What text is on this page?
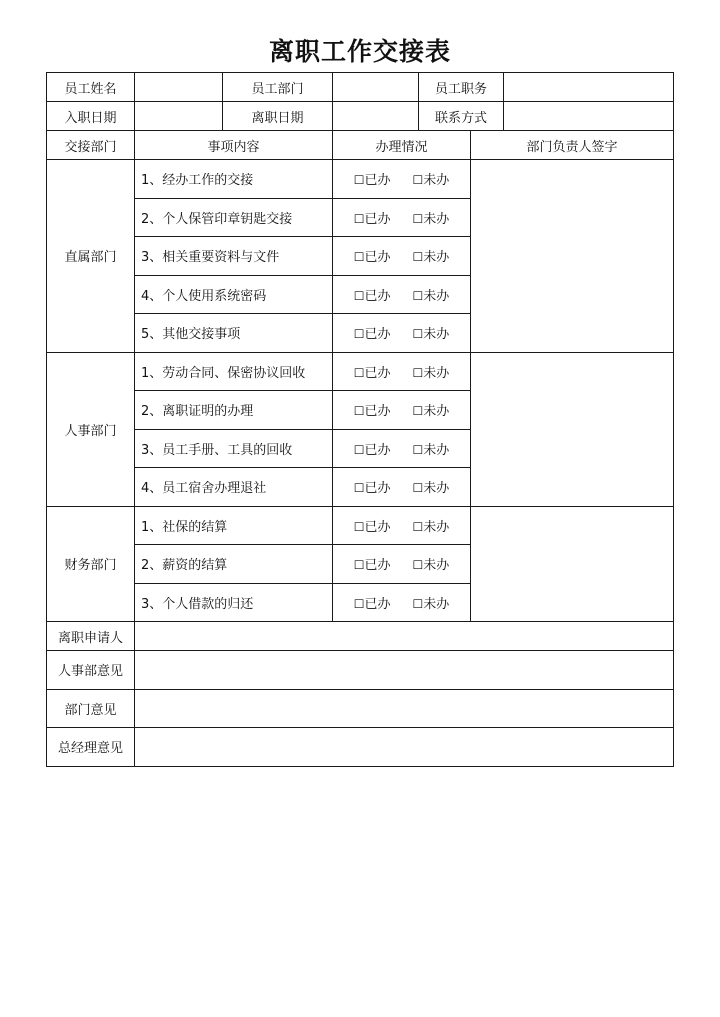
离职工作交接表
员工姓名		员工部门		员工职务		
入职日期		离职日期		联系方式		
交接部门	事项内容		办理情况		部门负责人签字	
直属部门	1、经办工作的交接		☐已办 ☐未办			
	2、个人保管印章钥匙交接		☐已办 ☐未办			
	3、相关重要资料与文件		☐已办 ☐未办			
	4、个人使用系统密码		☐已办 ☐未办			
	5、其他交接事项		☐已办 ☐未办			
人事部门	1、劳动合同、保密协议回收		☐已办 ☐未办			
	2、离职证明的办理		☐已办 ☐未办			
	3、员工手册、工具的回收		☐已办 ☐未办			
	4、员工宿舍办理退社		☐已办 ☐未办			
财务部门	1、社保的结算		☐已办 ☐未办			
	2、薪资的结算		☐已办 ☐未办			
	3、个人借款的归还		☐已办 ☐未办			
离职申请人						
人事部意见						
部门意见						
总经理意见						
